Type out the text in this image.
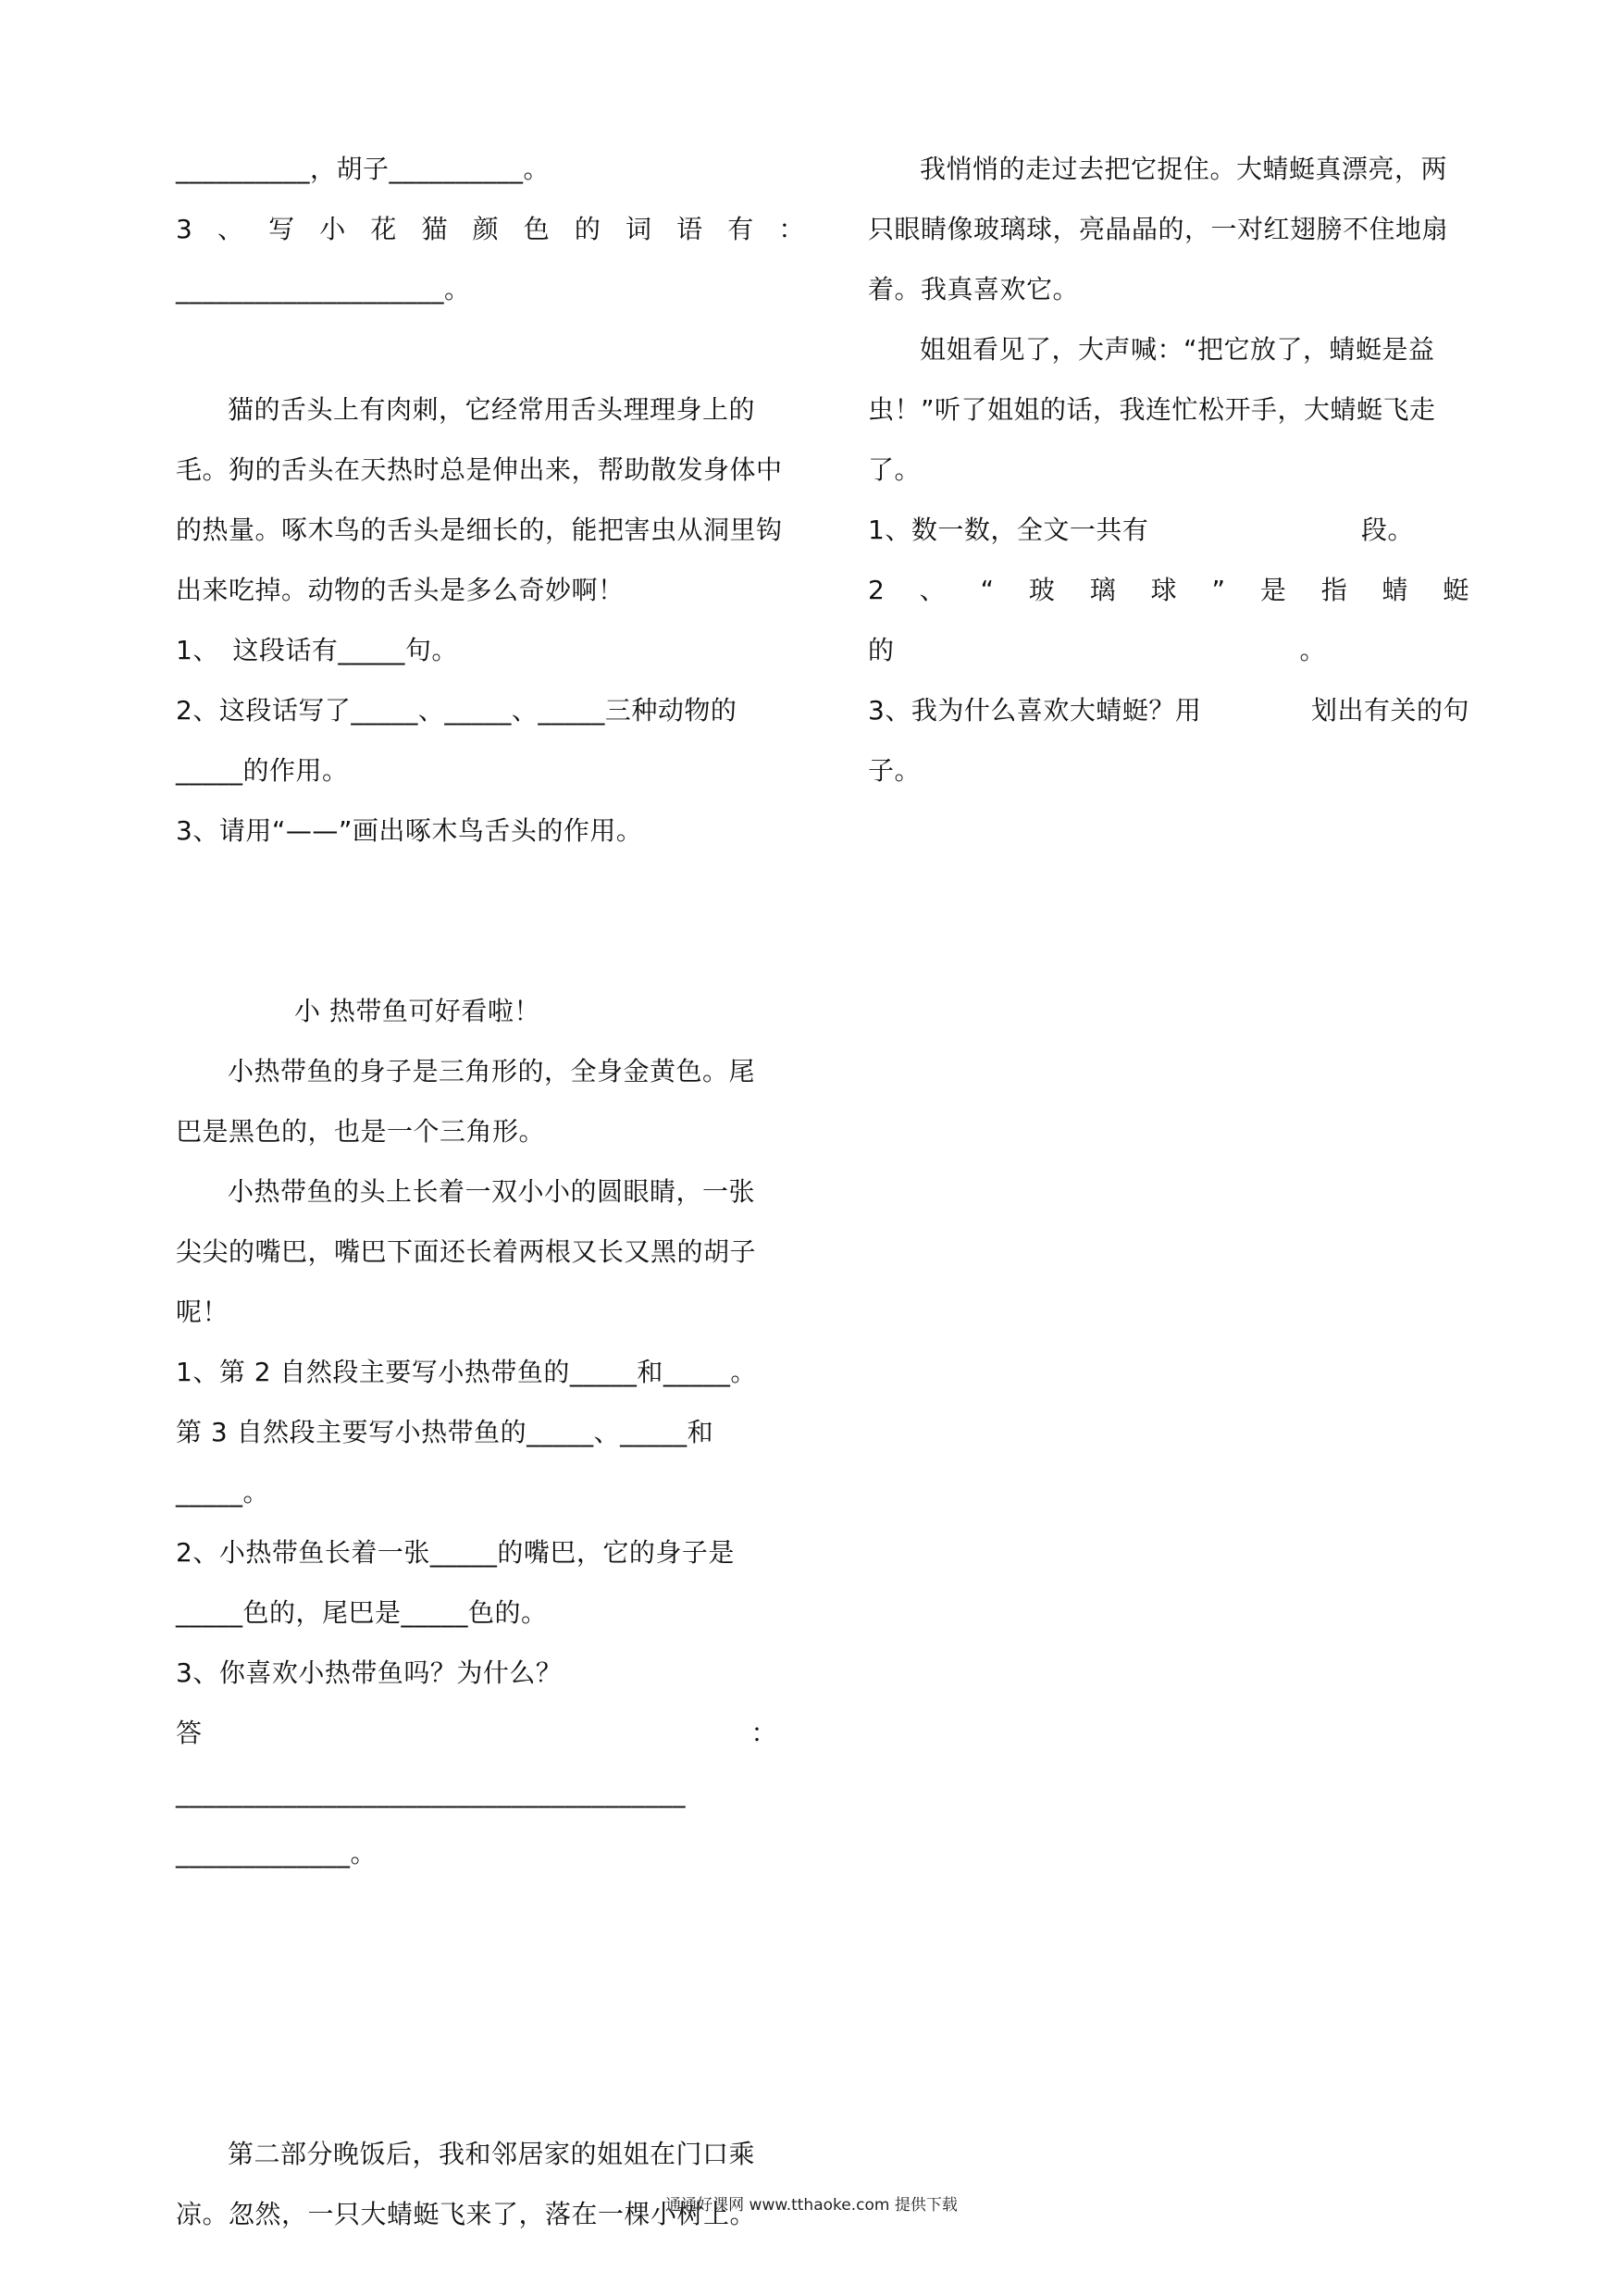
__________，胡子__________。
3 、 写 小 花 猫 颜 色 的 词 语 有 ：
____________________。
猫的舌头上有肉刺，它经常用舌头理理身上的
毛。狗的舌头在天热时总是伸出来，帮助散发身体中
的热量。啄木鸟的舌头是细长的，能把害虫从洞里钩
出来吃掉。动物的舌头是多么奇妙啊！
1、　这段话有_____句。
2、这段话写了_____、_____、_____三种动物的
_____的作用。
3、请用“——”画出啄木鸟舌头的作用。
小 热带鱼可好看啦！
小热带鱼的身子是三角形的，全身金黄色。尾
巴是黑色的，也是一个三角形。
小热带鱼的头上长着一双小小的圆眼睛，一张
尖尖的嘴巴，嘴巴下面还长着两根又长又黑的胡子
呢！
1、第 2 自然段主要写小热带鱼的_____和_____。
第 3 自然段主要写小热带鱼的_____、_____和
_____。
2、小热带鱼长着一张_____的嘴巴，它的身子是
_____色的，尾巴是_____色的。
3、你喜欢小热带鱼吗？为什么？
答	：
______________________________________
_____________。
第二部分晚饭后，我和邻居家的姐姐在门口乘
凉。忽然，一只大蜻蜓飞来了，落在一棵小树上。
我悄悄的走过去把它捉住。大蜻蜓真漂亮，两
只眼睛像玻璃球，亮晶晶的，一对红翅膀不住地扇
着。我真喜欢它。
姐姐看见了，大声喊：“把它放了，蜻蜓是益
虫！”听了姐姐的话，我连忙松开手，大蜻蜓飞走
了。
1、数一数，全文一共有	段。
2 、 “ 玻 璃 球 ” 是 指 蜻 蜓
的	。
3、我为什么喜欢大蜻蜓？用	划出有关的句
子。
通通好课网 www.tthaoke.com 提供下载
